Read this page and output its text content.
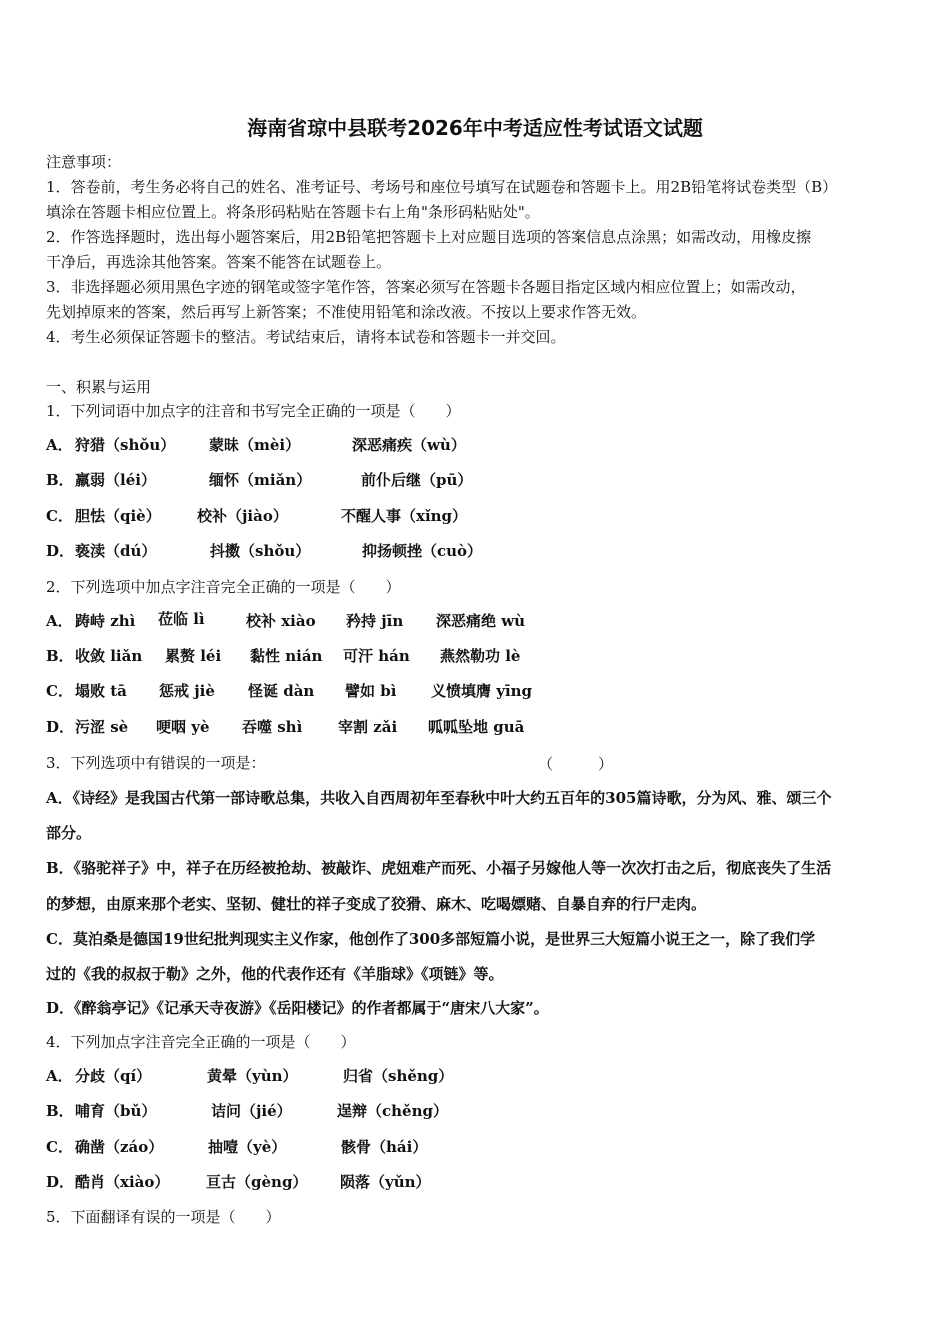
海南省琼中县联考2026年中考适应性考试语文试题
注意事项：
1．答卷前，考生务必将自己的姓名、准考证号、考场号和座位号填写在试题卷和答题卡上。用2B铅笔将试卷类型（B）
填涂在答题卡相应位置上。将条形码粘贴在答题卡右上角"条形码粘贴处"。
2．作答选择题时，选出每小题答案后，用2B铅笔把答题卡上对应题目选项的答案信息点涂黑；如需改动，用橡皮擦
干净后，再选涂其他答案。答案不能答在试题卷上。
3．非选择题必须用黑色字迹的钢笔或签字笔作答，答案必须写在答题卡各题目指定区域内相应位置上；如需改动，
先划掉原来的答案，然后再写上新答案；不准使用铅笔和涂改液。不按以上要求作答无效。
4．考生必须保证答题卡的整洁。考试结束后，请将本试卷和答题卡一并交回。
一、积累与运用
1．下列词语中加点字的注音和书写完全正确的一项是（　　）
A． 狩猎（shǒu） 蒙昧（mèi）	深恶痛疾（wù）
B． 羸弱（léi）	缅怀（miǎn）	前仆后继（pū）
C． 胆怯（qiè） 校补（jiào）	不醒人事（xǐng）
D． 亵渎（dú）	抖擞（shǒu）	抑扬顿挫（cuò）
2．下列选项中加点字注音完全正确的一项是（　　）
A． 踌峙 zhì 莅临 lì	校补 xiào 矜持 jīn 深恶痛绝 wù
B． 收敛 liǎn 累赘 léi 黏性 nián 可汗 hán 燕然勒功 lè
C． 塌败 tā 惩戒 jiè 怪诞 dàn 譬如 bì 义愤填膺 yīng
D． 污涩 sè 哽咽 yè 吞噬 shì 宰割 zǎi 呱呱坠地 guā
3．下列选项中有错误的一项是：	（　　　）
A．《诗经》是我国古代第一部诗歌总集，共收入自西周初年至春秋中叶大约五百年的305篇诗歌，分为风、雅、颂三个
部分。
B．《骆驼祥子》中，祥子在历经被抢劫、被敲诈、虎妞难产而死、小福子另嫁他人等一次次打击之后，彻底丧失了生活
的梦想，由原来那个老实、坚韧、健壮的祥子变成了狡猾、麻木、吃喝嫖赌、自暴自弃的行尸走肉。
C．莫泊桑是德国19世纪批判现实主义作家，他创作了300多部短篇小说，是世界三大短篇小说王之一，除了我们学
过的《我的叔叔于勒》之外，他的代表作还有《羊脂球》《项链》等。
D．《醉翁亭记》《记承天寺夜游》《岳阳楼记》的作者都属于“唐宋八大家”。
4．下列加点字注音完全正确的一项是（　　）
A． 分歧（qí）	黄晕（yùn）	归省（shěng）
B． 哺育（bǔ）	诘问（jié）	逞辩（chěng）
C． 确凿（záo）	抽噎（yè）	骸骨（hái）
D． 酷肖（xiào） 亘古（gèng） 陨落（yǔn）
5．下面翻译有误的一项是（　　）
